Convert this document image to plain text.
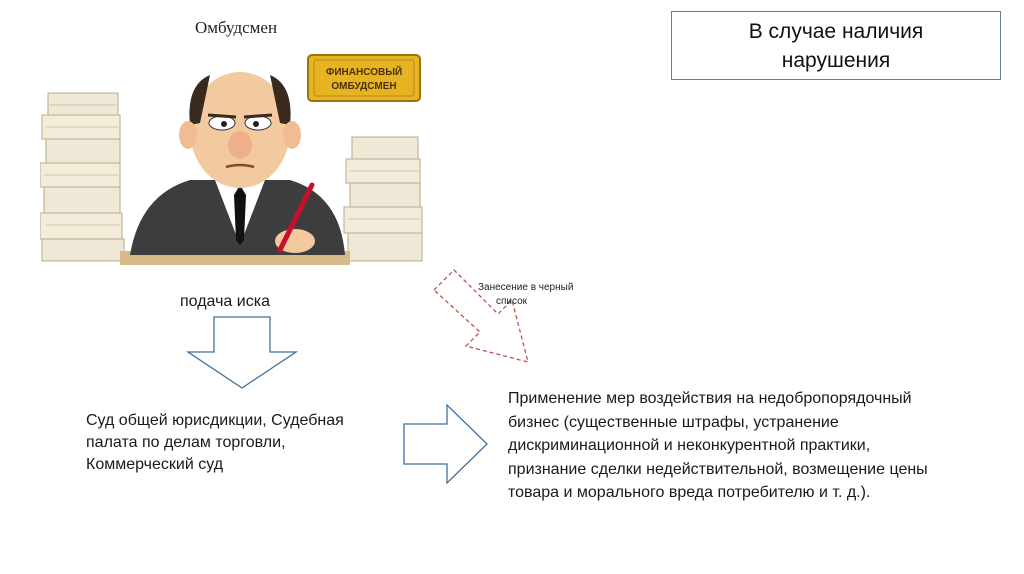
Омбудсмен
ФИНАНСОВЫЙ
ОМБУДСМЕН
В случае наличия
нарушения
подача иска
Занесение в черный
список
Суд общей юрисдикции, Судебная
палата по делам торговли,
Коммерческий суд
Применение мер воздействия на недобропорядочный
бизнес (существенные штрафы, устранение
дискриминационной и неконкурентной практики,
признание сделки недействительной, возмещение цены
товара и морального вреда потребителю и т. д.).
